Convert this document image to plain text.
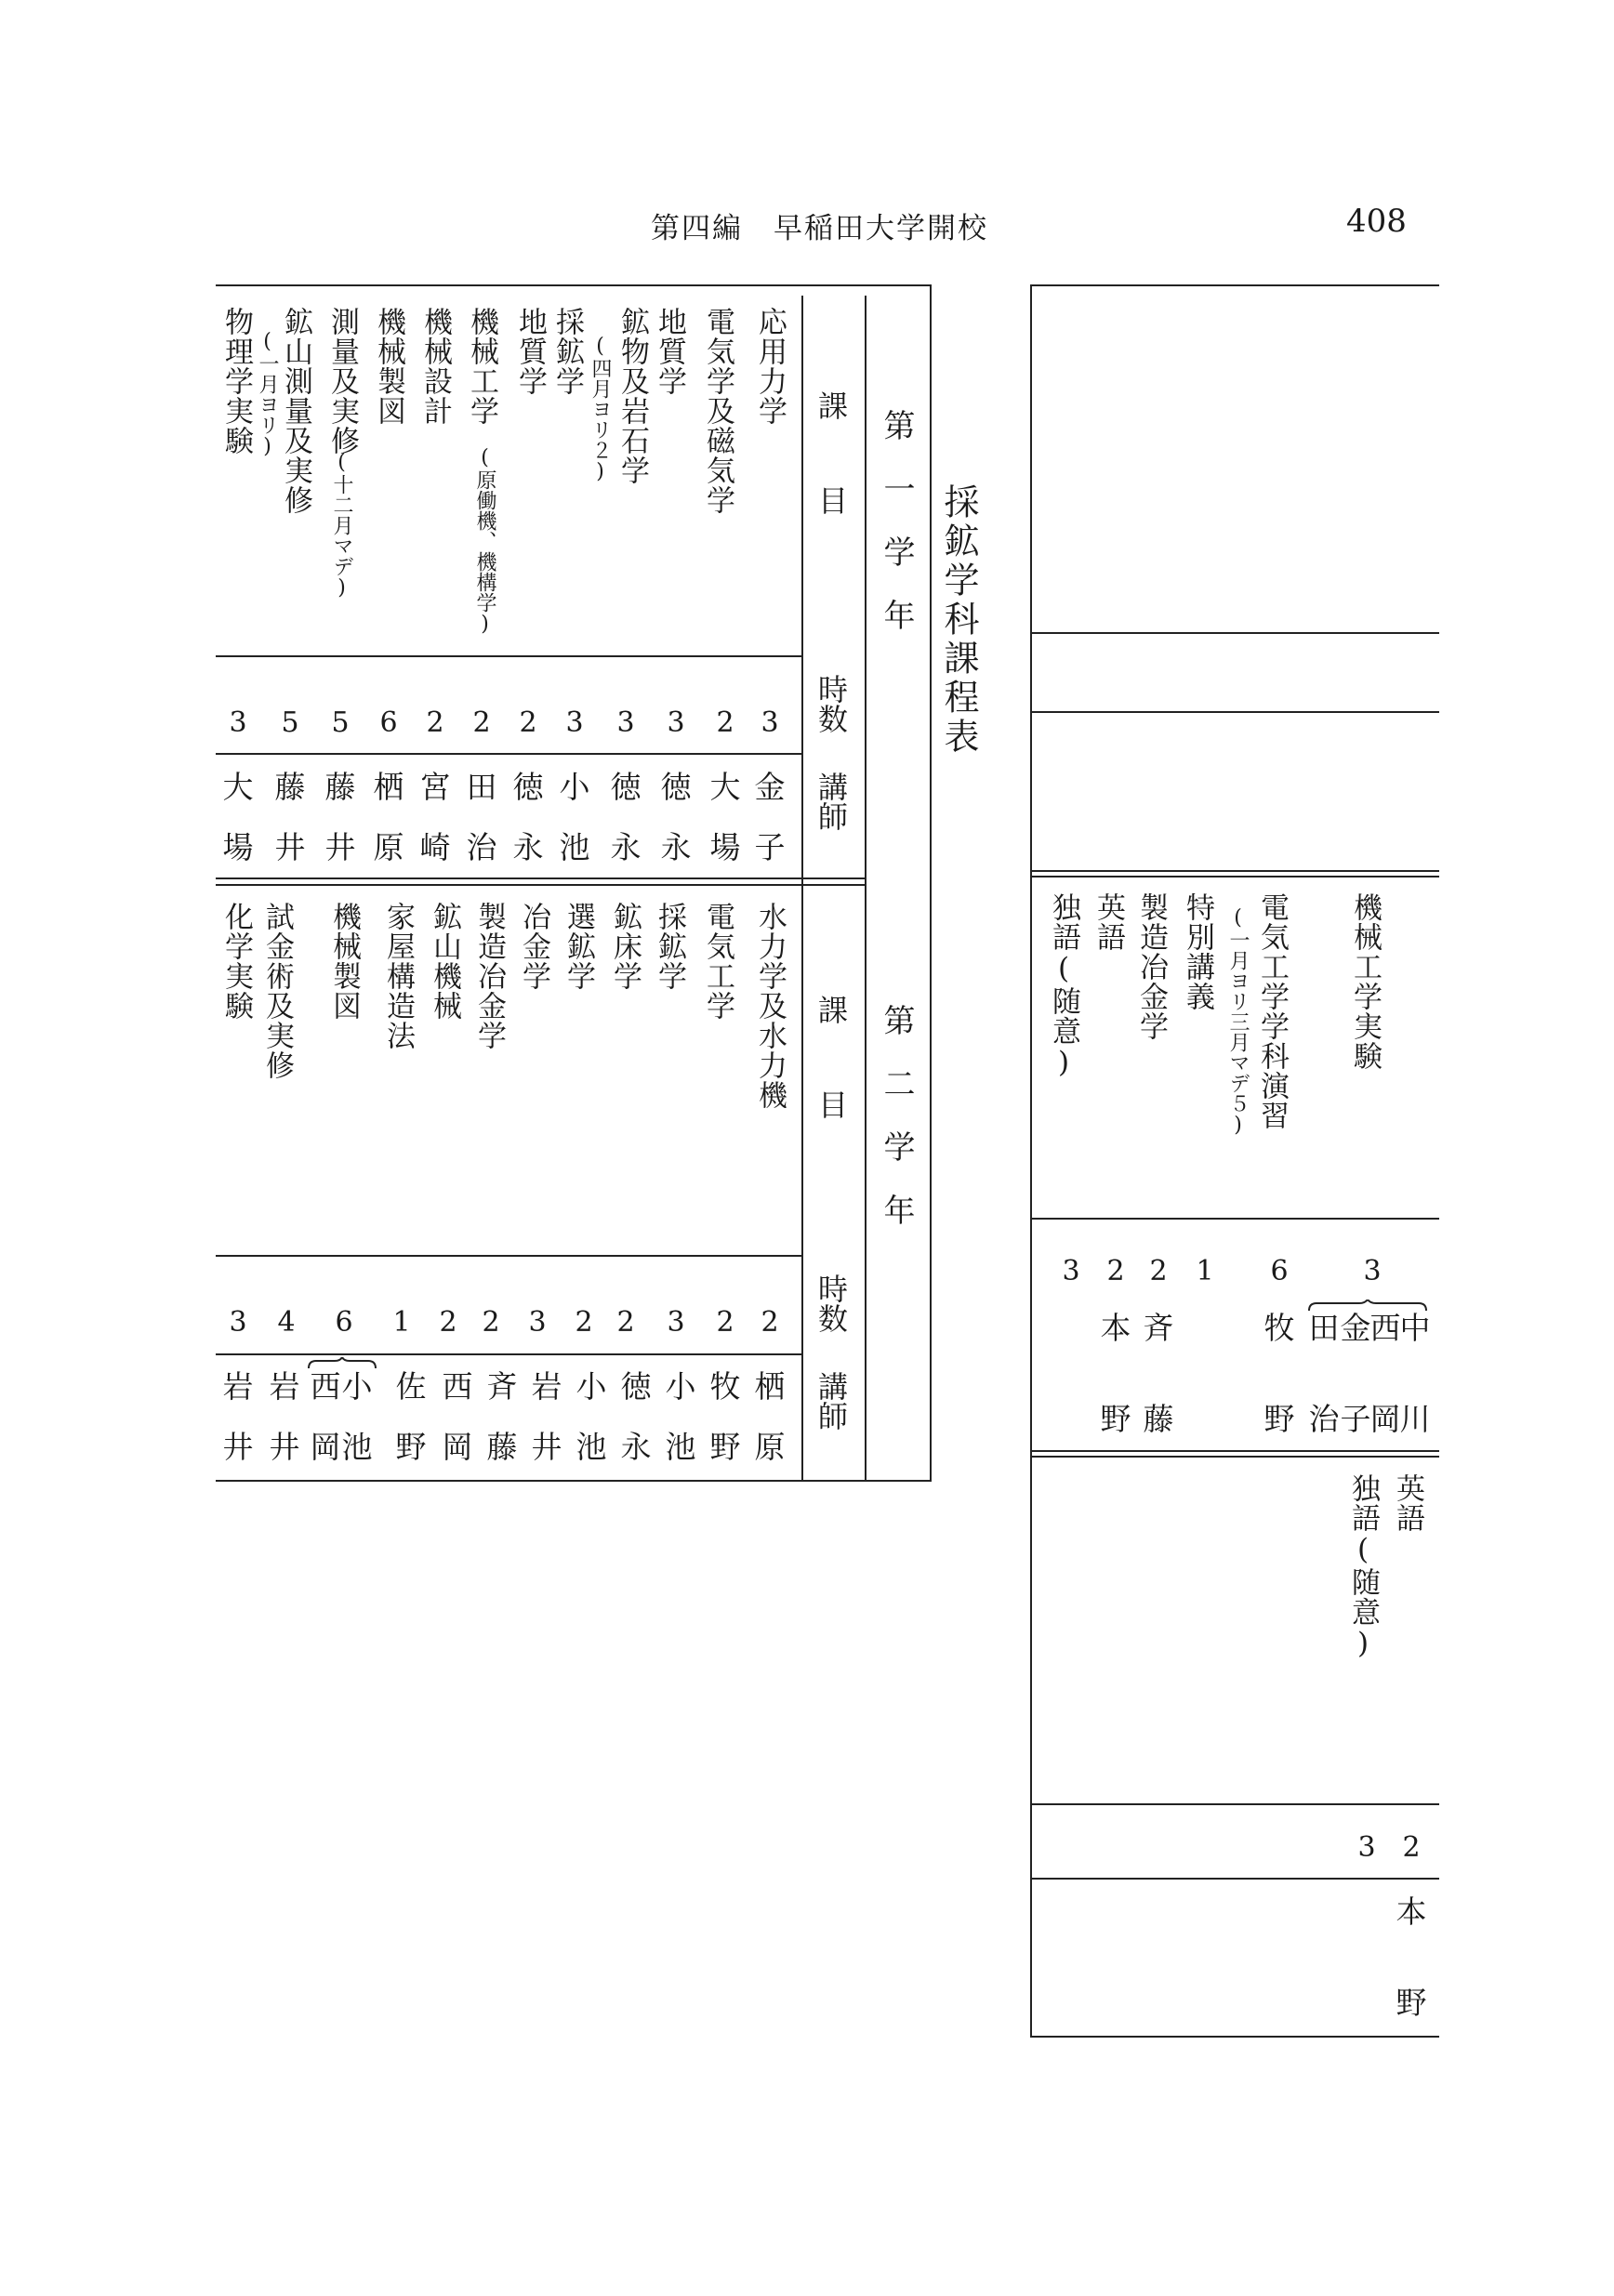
第四編　早稲田大学開校	408
採鉱学科課程表
第一学年
課目
時数
講師
応用力学
電気学及磁気学
地質学
鉱物及岩石学
(四月ヨリ２)
採鉱学
地質学
機械工学
(原働機、機構学)
機械設計
機械製図
測量及実修
(十二月マデ)
鉱山測量及実修
(一月ヨリ)
物理学実験
3
2
3
3
3
2
2
2
6
5
5
3
金
子
大
場
徳
永
徳
永
小
池
徳
永
田
治
宮
崎
栖
原
藤
井
藤
井
大
場
第二学年
課目
時数
講師
水力学及水力機
電気工学
採鉱学
鉱床学
選鉱学
冶金学
製造冶金学
鉱山機械
家屋構造法
機械製図
試金術及実修
化学実験
2
2
3
2
2
3
2
2
1
6
4
3
栖
原
牧
野
小
池
徳
永
小
池
岩
井
斉
藤
西
岡
佐
野
小
池
西
岡
岩
井
岩
井
機械工学実験
電気工学学科演習
(一月ヨリ三月マデ５)
特別講義
製造冶金学
英語
独語(随意)
3
6
1
2
2
3
中
川
西
岡
金
子
田
治
牧
野
斉
藤
本
野
英語
独語(随意)
2
3
本
野
